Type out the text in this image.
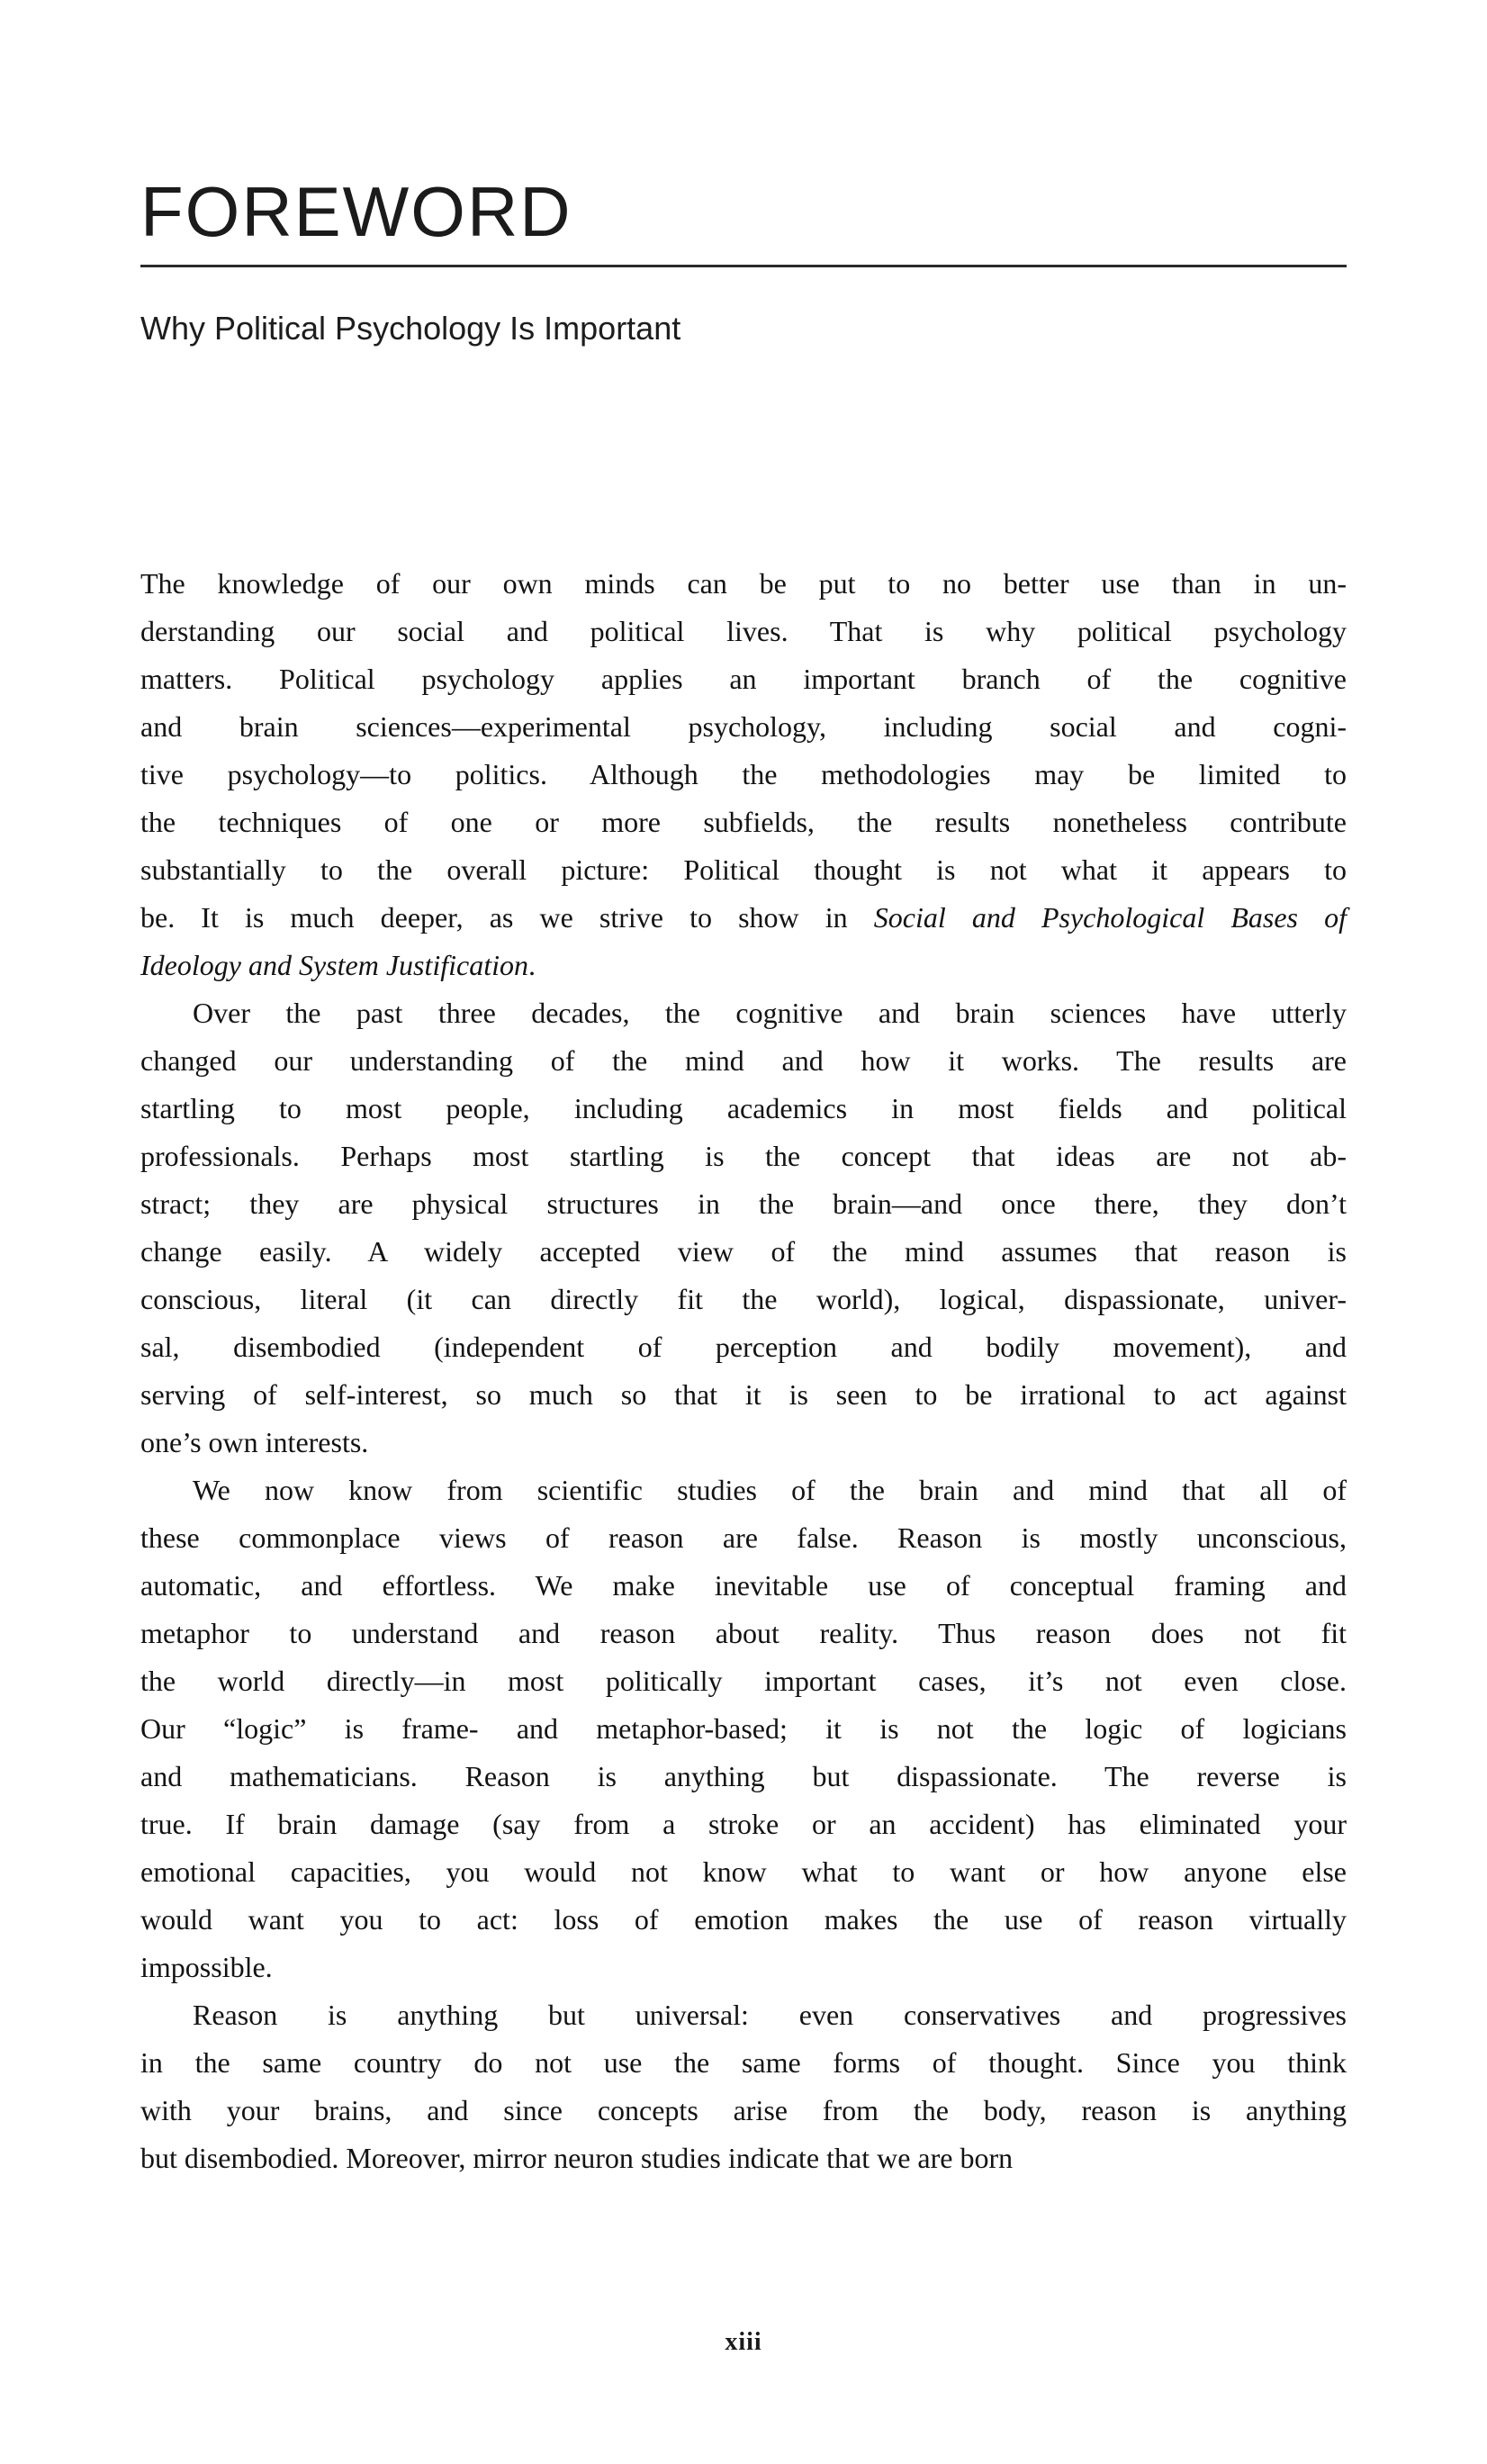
FOREWORD
Why Political Psychology Is Important
The knowledge of our own minds can be put to no better use than in un-
derstanding our social and political lives. That is why political psychology
matters. Political psychology applies an important branch of the cognitive
and brain sciences—experimental psychology, including social and cogni-
tive psychology—to politics. Although the methodologies may be limited to
the techniques of one or more subfields, the results nonetheless contribute
substantially to the overall picture: Political thought is not what it appears to
be. It is much deeper, as we strive to show in Social and Psychological Bases of
Ideology and System Justification.
Over the past three decades, the cognitive and brain sciences have utterly
changed our understanding of the mind and how it works. The results are
startling to most people, including academics in most fields and political
professionals. Perhaps most startling is the concept that ideas are not ab-
stract; they are physical structures in the brain—and once there, they don’t
change easily. A widely accepted view of the mind assumes that reason is
conscious, literal (it can directly fit the world), logical, dispassionate, univer-
sal, disembodied (independent of perception and bodily movement), and
serving of self-interest, so much so that it is seen to be irrational to act against
one’s own interests.
We now know from scientific studies of the brain and mind that all of
these commonplace views of reason are false. Reason is mostly unconscious,
automatic, and effortless. We make inevitable use of conceptual framing and
metaphor to understand and reason about reality. Thus reason does not fit
the world directly—in most politically important cases, it’s not even close.
Our “logic” is frame- and metaphor-based; it is not the logic of logicians
and mathematicians. Reason is anything but dispassionate. The reverse is
true. If brain damage (say from a stroke or an accident) has eliminated your
emotional capacities, you would not know what to want or how anyone else
would want you to act: loss of emotion makes the use of reason virtually
impossible.
Reason is anything but universal: even conservatives and progressives
in the same country do not use the same forms of thought. Since you think
with your brains, and since concepts arise from the body, reason is anything
but disembodied. Moreover, mirror neuron studies indicate that we are born
xiii
